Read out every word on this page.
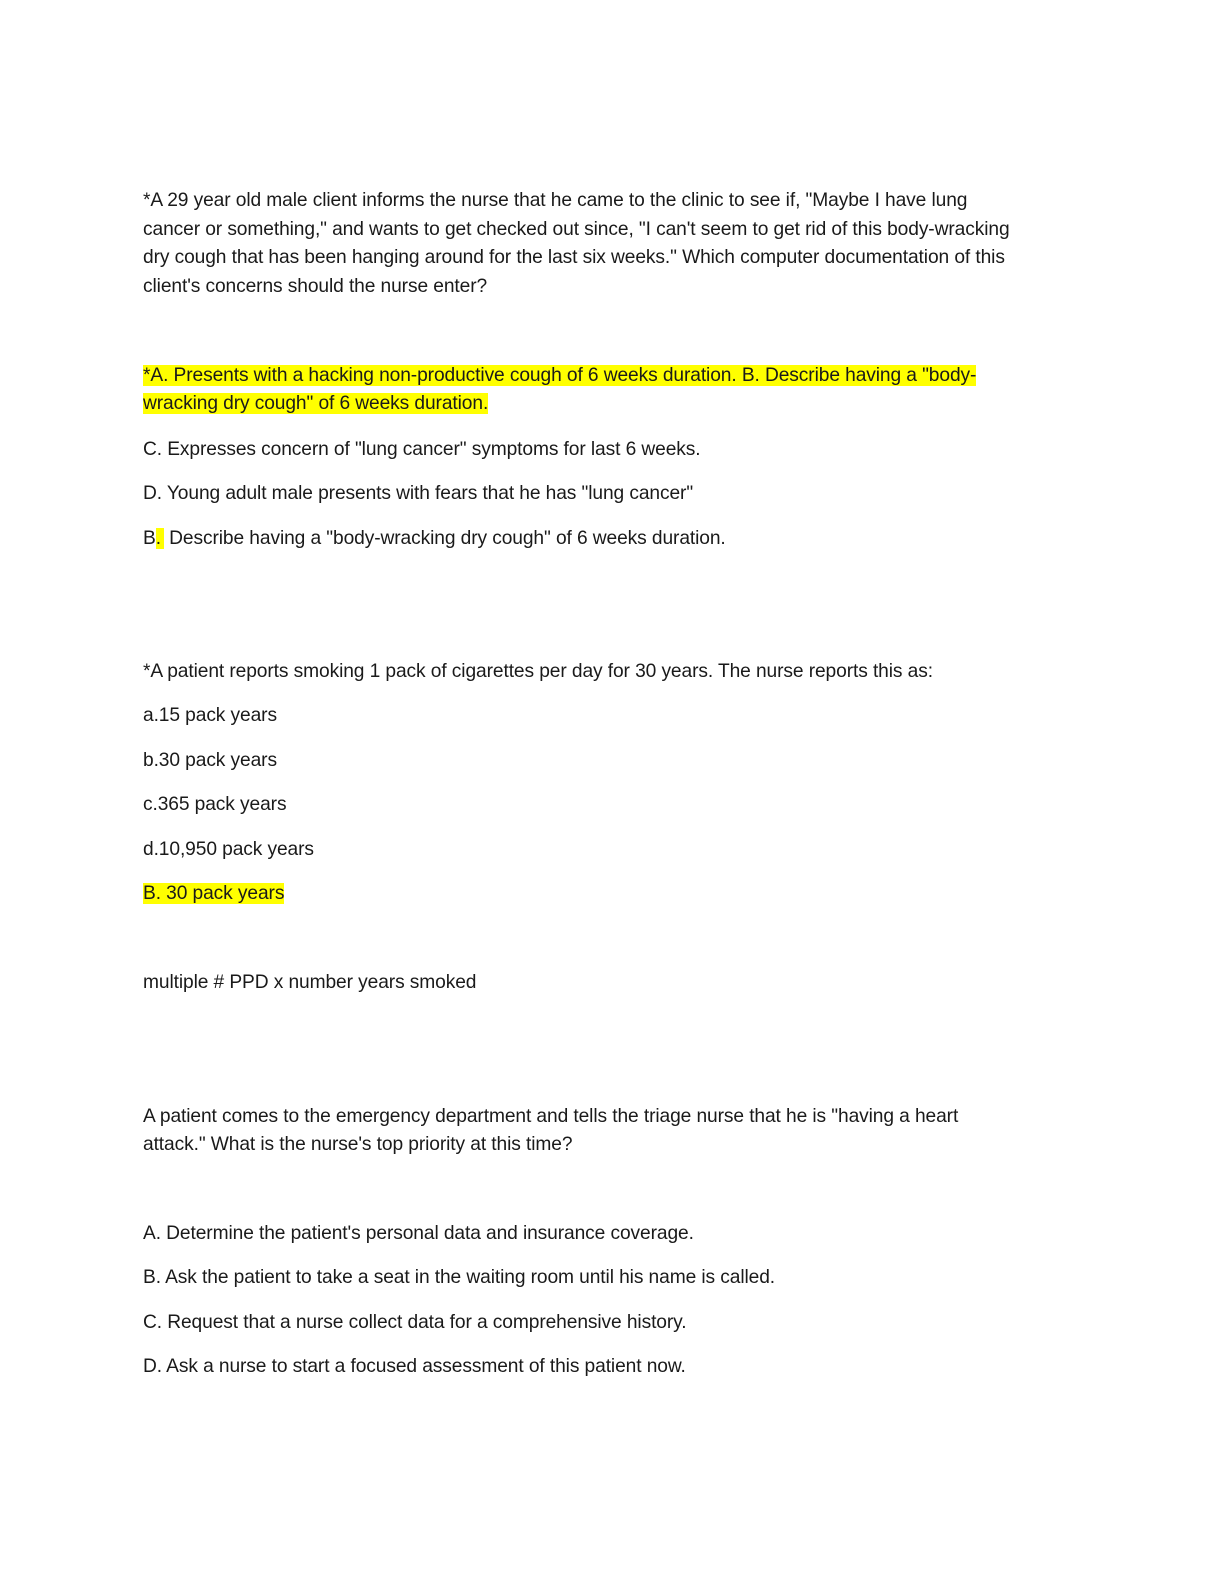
*A 29 year old male client informs the nurse that he came to the clinic to see if, "Maybe I have lung
cancer or something," and wants to get checked out since, "I can't seem to get rid of this body-wracking
dry cough that has been hanging around for the last six weeks." Which computer documentation of this
client's concerns should the nurse enter?
*A. Presents with a hacking non-productive cough of 6 weeks duration. B. Describe having a "body-
wracking dry cough" of 6 weeks duration.
C. Expresses concern of "lung cancer" symptoms for last 6 weeks.
D. Young adult male presents with fears that he has "lung cancer"
B. Describe having a "body-wracking dry cough" of 6 weeks duration.
*A patient reports smoking 1 pack of cigarettes per day for 30 years. The nurse reports this as:
a.15 pack years
b.30 pack years
c.365 pack years
d.10,950 pack years
B. 30 pack years
multiple # PPD x number years smoked
A patient comes to the emergency department and tells the triage nurse that he is "having a heart
attack." What is the nurse's top priority at this time?
A. Determine the patient's personal data and insurance coverage.
B. Ask the patient to take a seat in the waiting room until his name is called.
C. Request that a nurse collect data for a comprehensive history.
D. Ask a nurse to start a focused assessment of this patient now.
